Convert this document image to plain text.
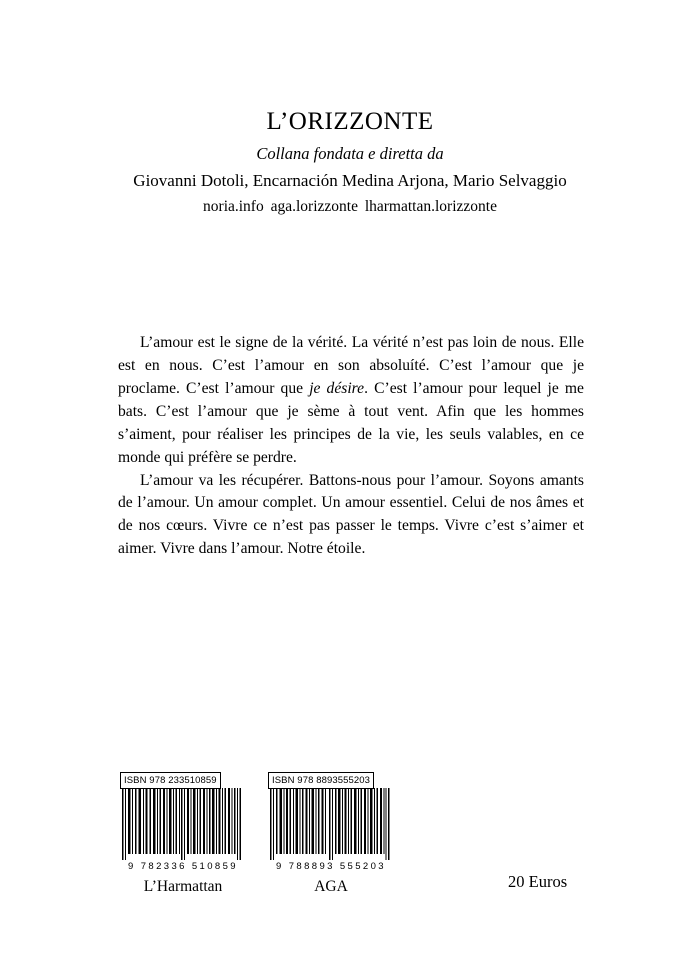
L’ORIZZONTE
Collana fondata e diretta da
Giovanni Dotoli, Encarnación Medina Arjona, Mario Selvaggio
noria.info aga.lorizzonte lharmattan.lorizzonte

L’amour est le signe de la vérité. La vérité n’est pas loin de nous. Elle est en nous. C’est l’amour en son absoluíté. C’est l’amour que je proclame. C’est l’amour que je désire. C’est l’amour pour lequel je me bats. C’est l’amour que je sème à tout vent. Afin que les hommes s’aiment, pour réaliser les principes de la vie, les seuls valables, en ce monde qui préfère se perdre.

L’amour va les récupérer. Battons-nous pour l’amour. Soyons amants de l’amour. Un amour complet. Un amour essentiel. Celui de nos âmes et de nos cœurs. Vivre ce n’est pas passer le temps. Vivre c’est s’aimer et aimer. Vivre dans l’amour. Notre étoile.

ISBN 978 233510859
9 782336 510859
L’Harmattan
ISBN 978 8893555203
9 788893 555203
AGA	20 Euros
